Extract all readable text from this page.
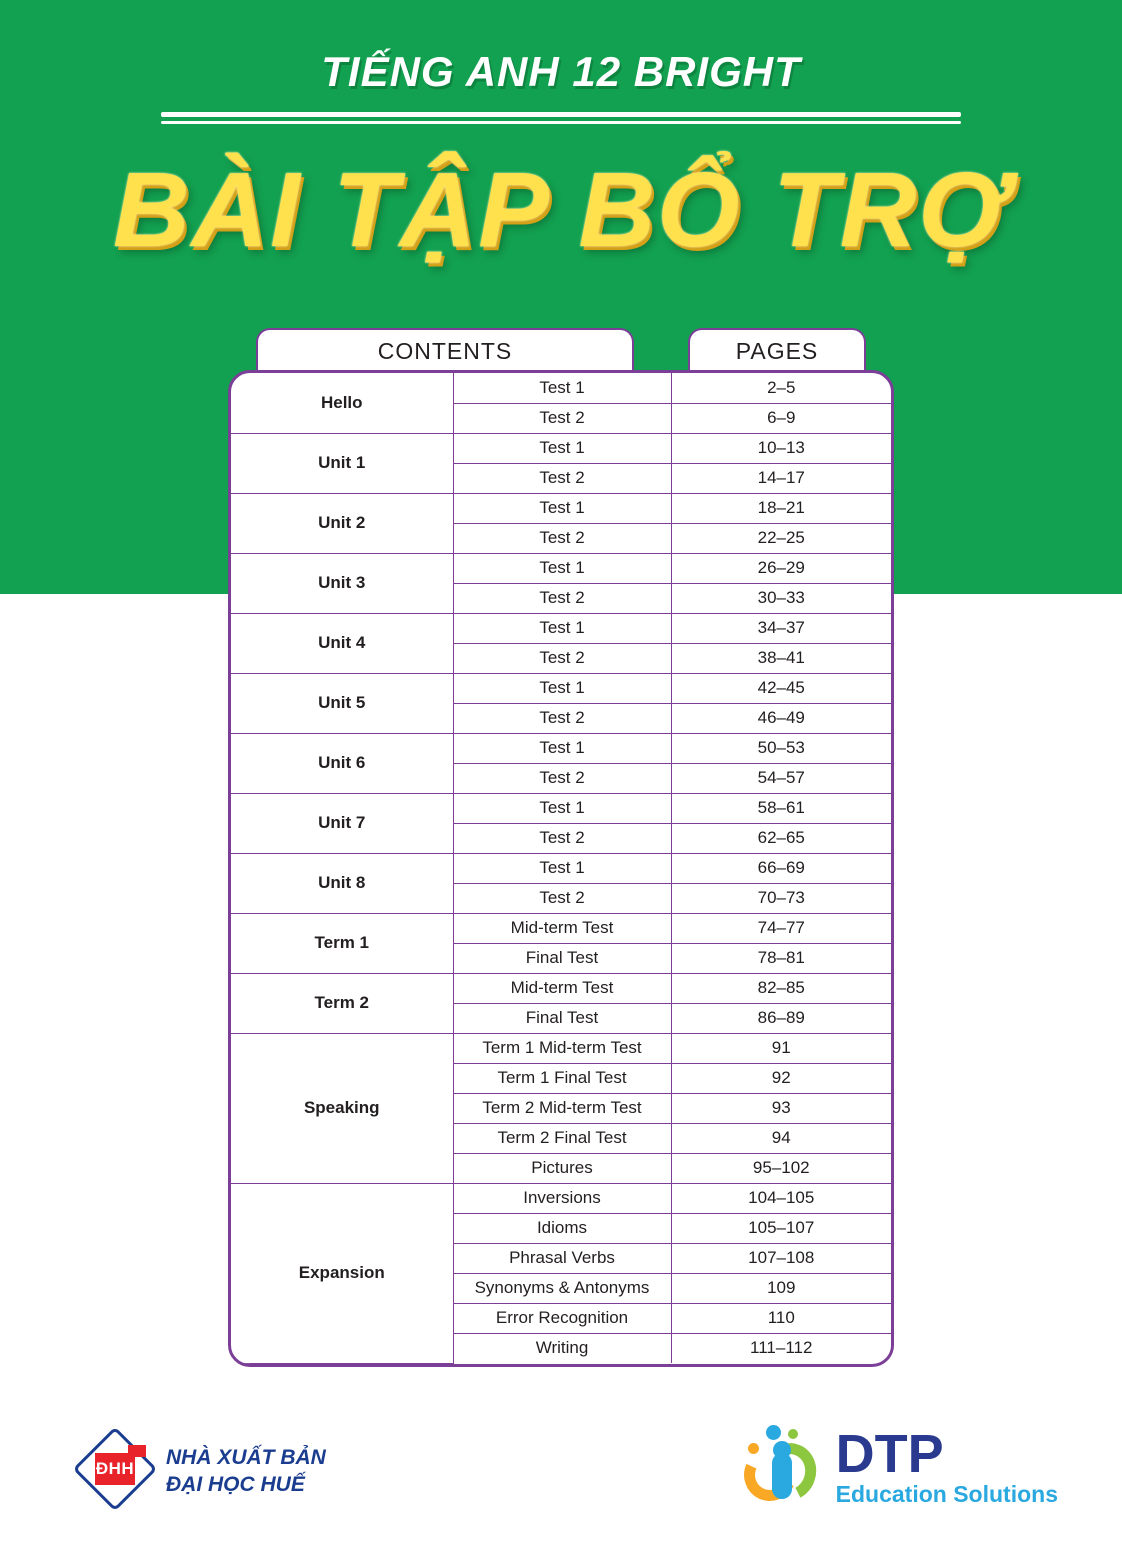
TIẾNG ANH 12 BRIGHT
BÀI TẬP BỔ TRỢ
CONTENTS	PAGES
Hello	Test 1	2–5
	Test 2	6–9
Unit 1	Test 1	10–13
	Test 2	14–17
Unit 2	Test 1	18–21
	Test 2	22–25
Unit 3	Test 1	26–29
	Test 2	30–33
Unit 4	Test 1	34–37
	Test 2	38–41
Unit 5	Test 1	42–45
	Test 2	46–49
Unit 6	Test 1	50–53
	Test 2	54–57
Unit 7	Test 1	58–61
	Test 2	62–65
Unit 8	Test 1	66–69
	Test 2	70–73
Term 1	Mid-term Test	74–77
	Final Test	78–81
Term 2	Mid-term Test	82–85
	Final Test	86–89
Speaking	Term 1 Mid-term Test	91
	Term 1 Final Test	92
	Term 2 Mid-term Test	93
	Term 2 Final Test	94
	Pictures	95–102
Expansion	Inversions	104–105
	Idioms	105–107
	Phrasal Verbs	107–108
	Synonyms & Antonyms	109
	Error Recognition	110
	Writing	111–112
ĐHH NHÀ XUẤT BẢN
ĐẠI HỌC HUẾ
DTP
Education Solutions
